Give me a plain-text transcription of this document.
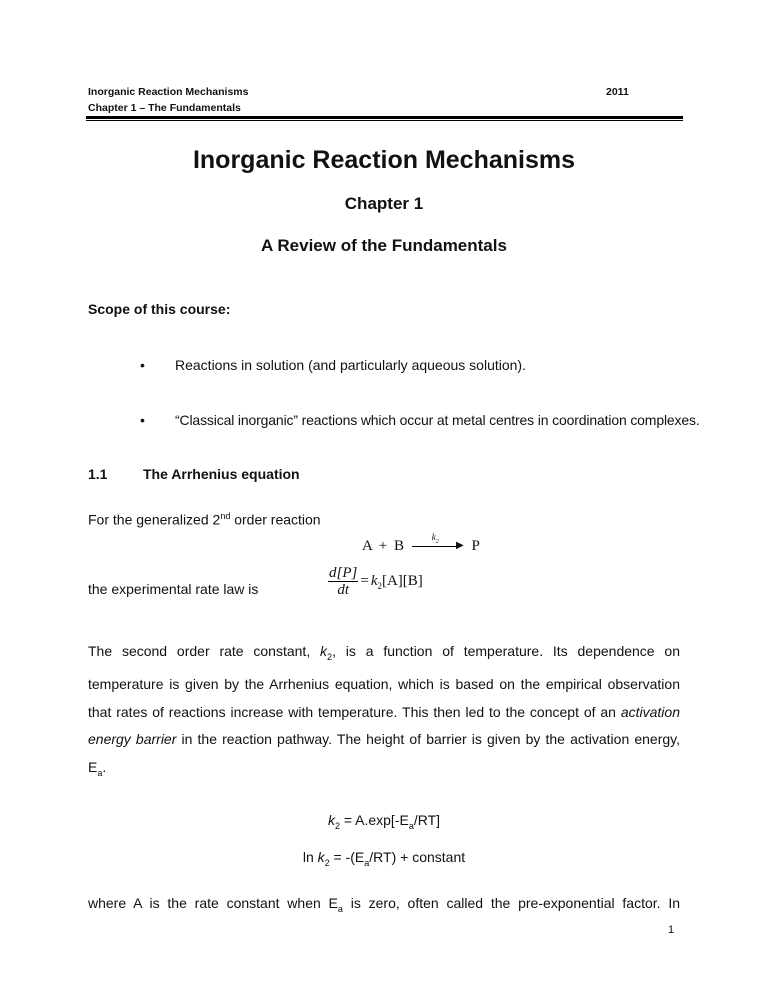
Inorganic Reaction Mechanisms
Chapter 1 – The Fundamentals
2011
Inorganic Reaction Mechanisms
Chapter 1
A Review of the Fundamentals
Scope of this course:
• Reactions in solution (and particularly aqueous solution).
• “Classical inorganic” reactions which occur at metal centres in coordination complexes.
1.1	The Arrhenius equation
For the generalized 2nd order reaction
A + B
$k_2$ ▶ P
the experimental rate law is	$\frac{d[P]}{dt} = k_2[A][B]$
The second order rate constant, $k_2$, is a function of temperature. Its dependence on
temperature is given by the Arrhenius equation, which is based on the empirical observation
that rates of reactions increase with temperature. This then led to the concept of an activation
energy barrier in the reaction pathway. The height of barrier is given by the activation energy,
$E_a$.
$k_2 = A.\exp[-E_a/RT]$
$\ln k_2 = -(E_a/RT)$ + constant
where A is the rate constant when $E_a$ is zero, often called the pre-exponential factor. In
1
